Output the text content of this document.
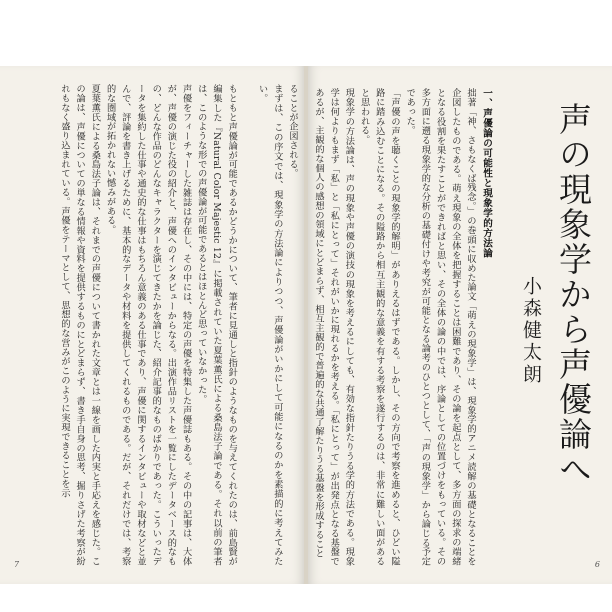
ることが企図される。
まずは、この序文では、現象学の方法論によりつつ、声優論がいかにして可能になるのかを素描的に考えてみたい。

もともと声優論が可能であるかどうかについて、筆者に見通しと指針のようなものを与えてくれたのは、前島賢が編集した『Natural Color Majestic 12』に掲載されていた夏葉薫氏による桑島法子論である。それ以前の筆者は、このような形での声優論が可能であるとはほとんど思っていなかった。
声優をフィーチャーした雑誌は存在し、その中には、特定の声優を特集した声優誌もある。その中の記事は、大体が、声優の演じた役の紹介と、声優へのインタビューからなる。出演作品リストを一覧にしたデータベース的なもの、どんな作品のどんなキャラクターを演じてきたかを論じた、紹介記事的なものばかりであった。こういったデータを集約した仕事や通史的な仕事はもちろん意義のある仕事であり、声優に関するインタビューや取材などと並んで、評論を書き上げるために、基本的なデータや材料を提供してくれるものである。だが、それだけでは、考察的な圏域が拓かれない憾みがある。
夏葉薫氏による桑島法子論は、それまでの声優について書かれた文章とは一線を画した内実と手応えを感じた。この論は、声優についての単なる情報や資料を提供するものにとどまらず、書き手自身の思考、掘りさげた考察が紛れもなく盛り込まれている。声優をテーマとして、思想的な営みがこのように実現できることを示
7
声の現象学から声優論へ
小森健太朗
一、声優論の可能性と現象学的方法論
拙著「神、さもなくば残念。」の巻頭に収めた論文「萌えの現象学」は、現象学的アニメ読解の基礎となることを企図したものである。萌え現象の全体を把握することは困難であり、その論を起点として、多方面の探求の端緒となる役割を果たすことができればと思い、その全体の論の中では、序論としての位置づけをもっている。その多方面に遡る現象学的な分析の基礎付けや考究が可能となる論考のひとつとして、「声の現象学」から論じる予定であった。
「声優の声を聴くことの現象学的解明」がありえるはずである。しかし、その方向で考察を進めると、ひどい隘路に踏み込むことになる。その隘路から相互主観的な意義を有する考察を遂行するのは、非常に難しい面があると思われる。
現象学の方法論は、声の現象や声優の演技の現象を考えるにしても、有効な指針たりうる学的方法である。現象学は何よりもまず「私」と「私にとって」それがいかに現れるかを考える。「私にとって」が出発点となる基盤であるが、主観的な個人の感想の領域にとどまらず、相互主観的で普遍的な共通了解たりうる基盤を形成すること
6
